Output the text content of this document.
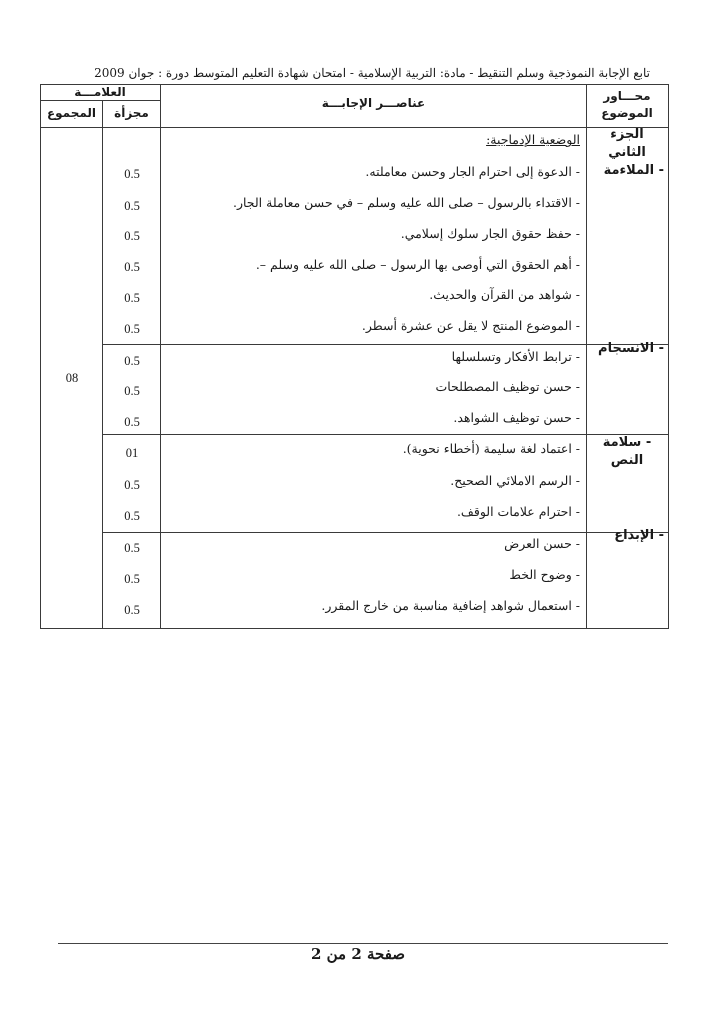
تابع الإجابة النموذجية وسلم التنقيط - مادة: التربية الإسلامية - امتحان شهادة التعليم المتوسط دورة : جوان 2009
العلامـــة
مجزأة
المجموع
عناصـــر الإجابـــة	محـــاور الموضوع
الجزء الثاني
- الملاءمة
- الانسجام
- سلامة النص
- الإبداع
08
الوضعية الإدماجية:
- الدعوة إلى احترام الجار وحسن معاملته.
0.5
- الاقتداء بالرسول – صلى الله عليه وسلم – في حسن معاملة الجار.
0.5
- حفظ حقوق الجار سلوك إسلامي.
0.5
- أهم الحقوق التي أوصى بها الرسول – صلى الله عليه وسلم –.
0.5
- شواهد من القرآن والحديث.
0.5
- الموضوع المنتج لا يقل عن عشرة أسطر.
0.5
- ترابط الأفكار وتسلسلها
0.5
- حسن توظيف المصطلحات
0.5
- حسن توظيف الشواهد.
0.5
- اعتماد لغة سليمة (أخطاء نحوية).
01
- الرسم الاملائي الصحيح.
0.5
- احترام علامات الوقف.
0.5
- حسن العرض
0.5
- وضوح الخط
0.5
- استعمال شواهد إضافية مناسبة من خارج المقرر.
0.5
صفحة 2 من 2
